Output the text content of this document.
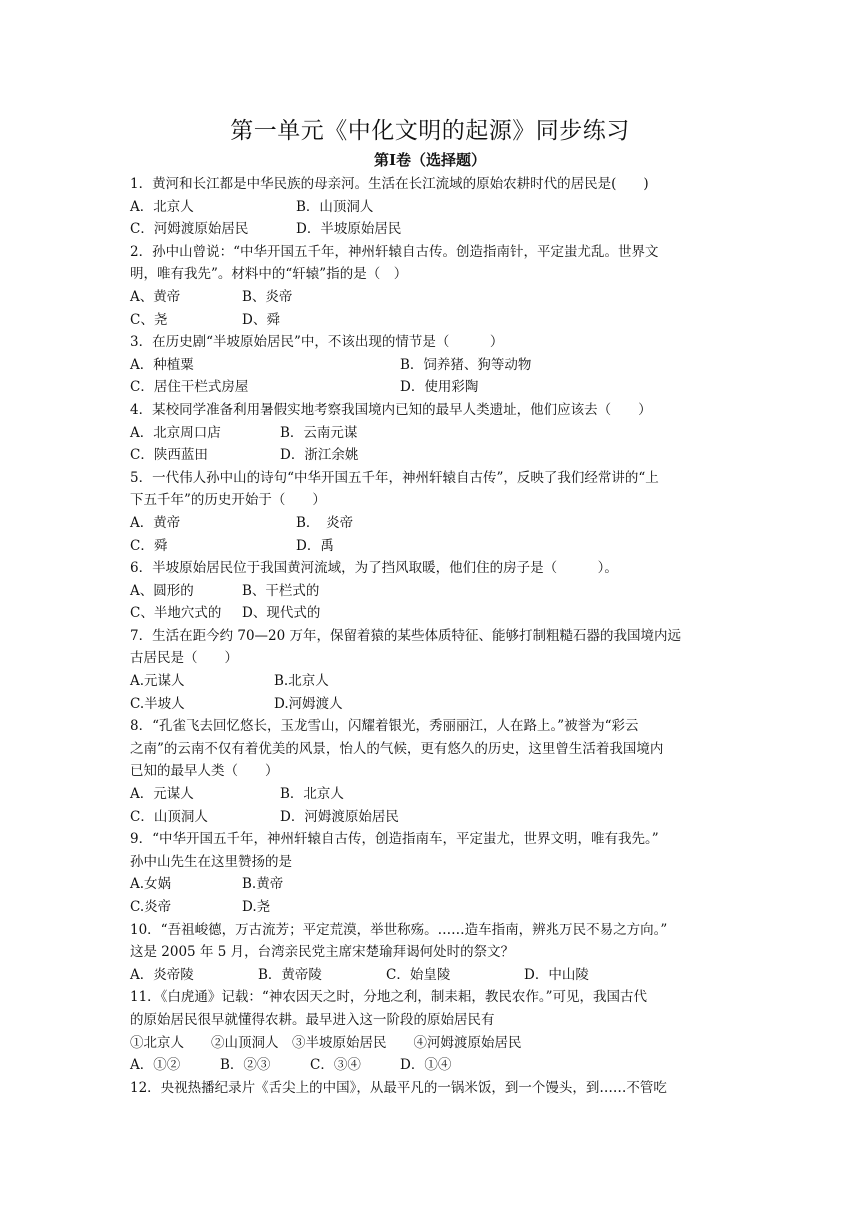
第一单元《中化文明的起源》同步练习
第Ⅰ卷（选择题）
1．黄河和长江都是中华民族的母亲河。生活在长江流域的原始农耕时代的居民是(　　)
A．北京人	B．山顶洞人
C．河姆渡原始居民	D．半坡原始居民
2．孙中山曾说：“中华开国五千年，神州轩辕自古传。创造指南针，平定蚩尤乱。世界文
明，唯有我先”。材料中的“轩辕”指的是（　）
A、黄帝	B、炎帝
C、尧	D、舜
3．在历史剧“半坡原始居民”中，不该出现的情节是（　　　）
A．种植粟	B．饲养猪、狗等动物
C．居住干栏式房屋	D．使用彩陶
4．某校同学准备利用暑假实地考察我国境内已知的最早人类遗址，他们应该去（　　）
A．北京周口店	B．云南元谋
C．陕西蓝田	D．浙江余姚
5．一代伟人孙中山的诗句“中华开国五千年，神州轩辕自古传”，反映了我们经常讲的“上
下五千年”的历史开始于（　　）
A．黄帝	B．　炎帝
C．舜	D．禹
6．半坡原始居民位于我国黄河流域，为了挡风取暖，他们住的房子是（　　　）。
A、圆形的	B、干栏式的
C、半地穴式的	D、现代式的
7．生活在距今约 70—20 万年，保留着猿的某些体质特征、能够打制粗糙石器的我国境内远
古居民是（　　）
A.元谋人	B.北京人
C.半坡人	D.河姆渡人
8．“孔雀飞去回忆悠长，玉龙雪山，闪耀着银光，秀丽丽江，人在路上。”被誉为“彩云
之南”的云南不仅有着优美的风景，怡人的气候，更有悠久的历史，这里曾生活着我国境内
已知的最早人类（　　）
A．元谋人	B．北京人
C．山顶洞人	D．河姆渡原始居民
9．“中华开国五千年，神州轩辕自古传，创造指南车，平定蚩尤，世界文明，唯有我先。”
孙中山先生在这里赞扬的是
A.女娲	B.黄帝
C.炎帝	D.尧
10．“吾祖峻德，万古流芳；平定荒漠，举世称殇。……造车指南，辨兆万民不易之方向。”
这是 2005 年 5 月，台湾亲民党主席宋楚瑜拜谒何处时的祭文？
A．炎帝陵	B．黄帝陵	C．始皇陵	D．中山陵
11．《白虎通》记载：“神农因天之时，分地之利，制耒耜，教民农作。”可见，我国古代
的原始居民很早就懂得农耕。最早进入这一阶段的原始居民有
①北京人　　②山顶洞人　③半坡原始居民　　④河姆渡原始居民
A．①②	B．②③	C．③④	D．①④
12．央视热播纪录片《舌尖上的中国》，从最平凡的一锅米饭，到一个馒头，到……不管吃
